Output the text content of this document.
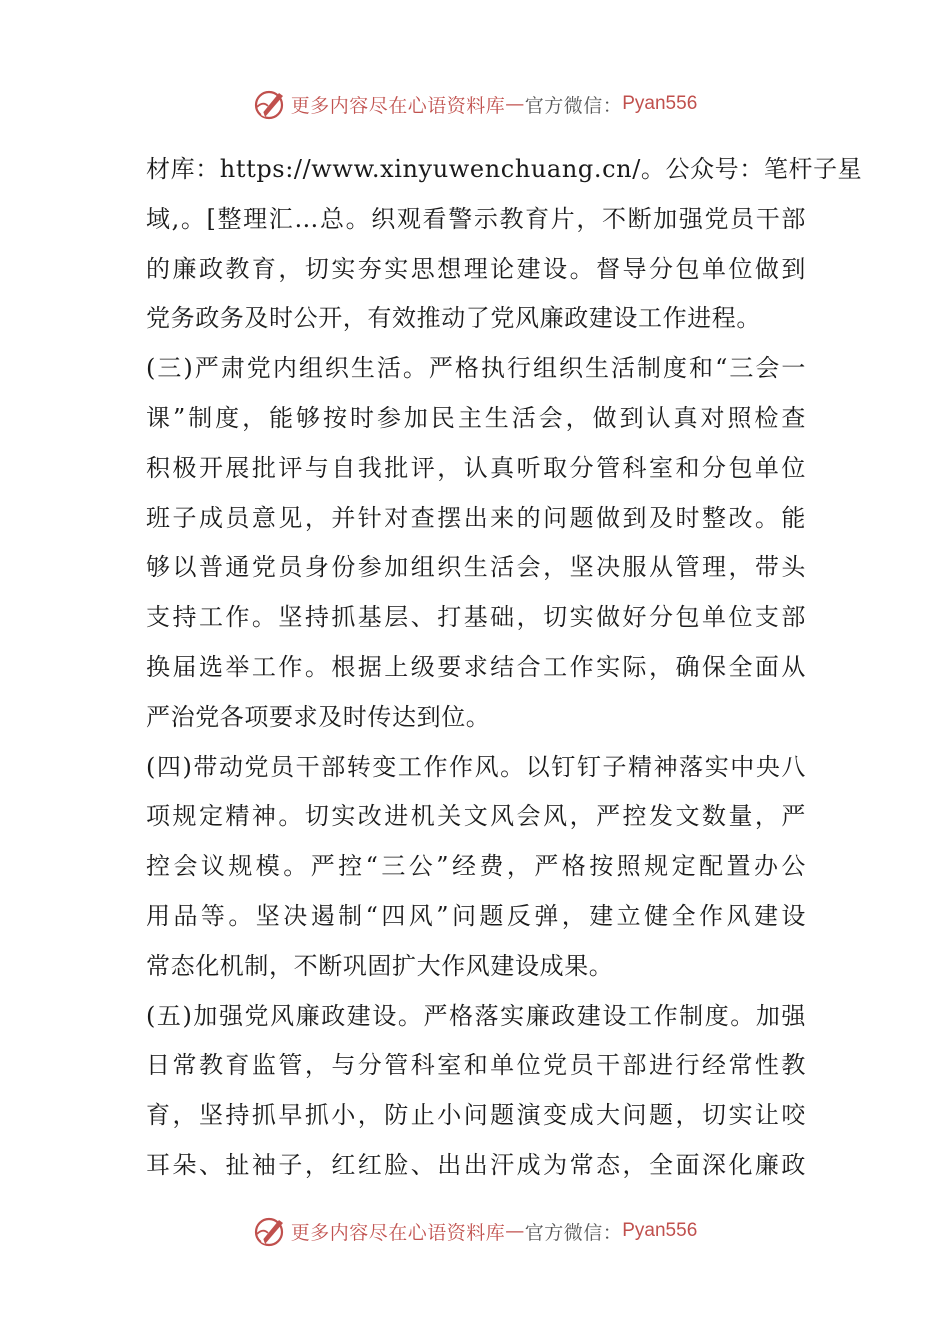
更多内容尽在心语资料库 — 官方微信： Pyan556
材库：https://www.xinyuwenchuang.cn/。公众号：笔杆子星
域,。[整理汇…总。织观看警示教育片，不断加强党员干部
的廉政教育，切实夯实思想理论建设。督导分包单位做到
党务政务及时公开，有效推动了党风廉政建设工作进程。
(三)严肃党内组织生活。严格执行组织生活制度和“三会一
课”制度，能够按时参加民主生活会，做到认真对照检查
积极开展批评与自我批评，认真听取分管科室和分包单位
班子成员意见，并针对查摆出来的问题做到及时整改。能
够以普通党员身份参加组织生活会，坚决服从管理，带头
支持工作。坚持抓基层、打基础，切实做好分包单位支部
换届选举工作。根据上级要求结合工作实际，确保全面从
严治党各项要求及时传达到位。
(四)带动党员干部转变工作作风。以钉钉子精神落实中央八
项规定精神。切实改进机关文风会风，严控发文数量，严
控会议规模。严控“三公”经费，严格按照规定配置办公
用品等。坚决遏制“四风”问题反弹，建立健全作风建设
常态化机制，不断巩固扩大作风建设成果。
(五)加强党风廉政建设。严格落实廉政建设工作制度。加强
日常教育监管，与分管科室和单位党员干部进行经常性教
育，坚持抓早抓小，防止小问题演变成大问题，切实让咬
耳朵、扯袖子，红红脸、出出汗成为常态，全面深化廉政
更多内容尽在心语资料库 — 官方微信： Pyan556
